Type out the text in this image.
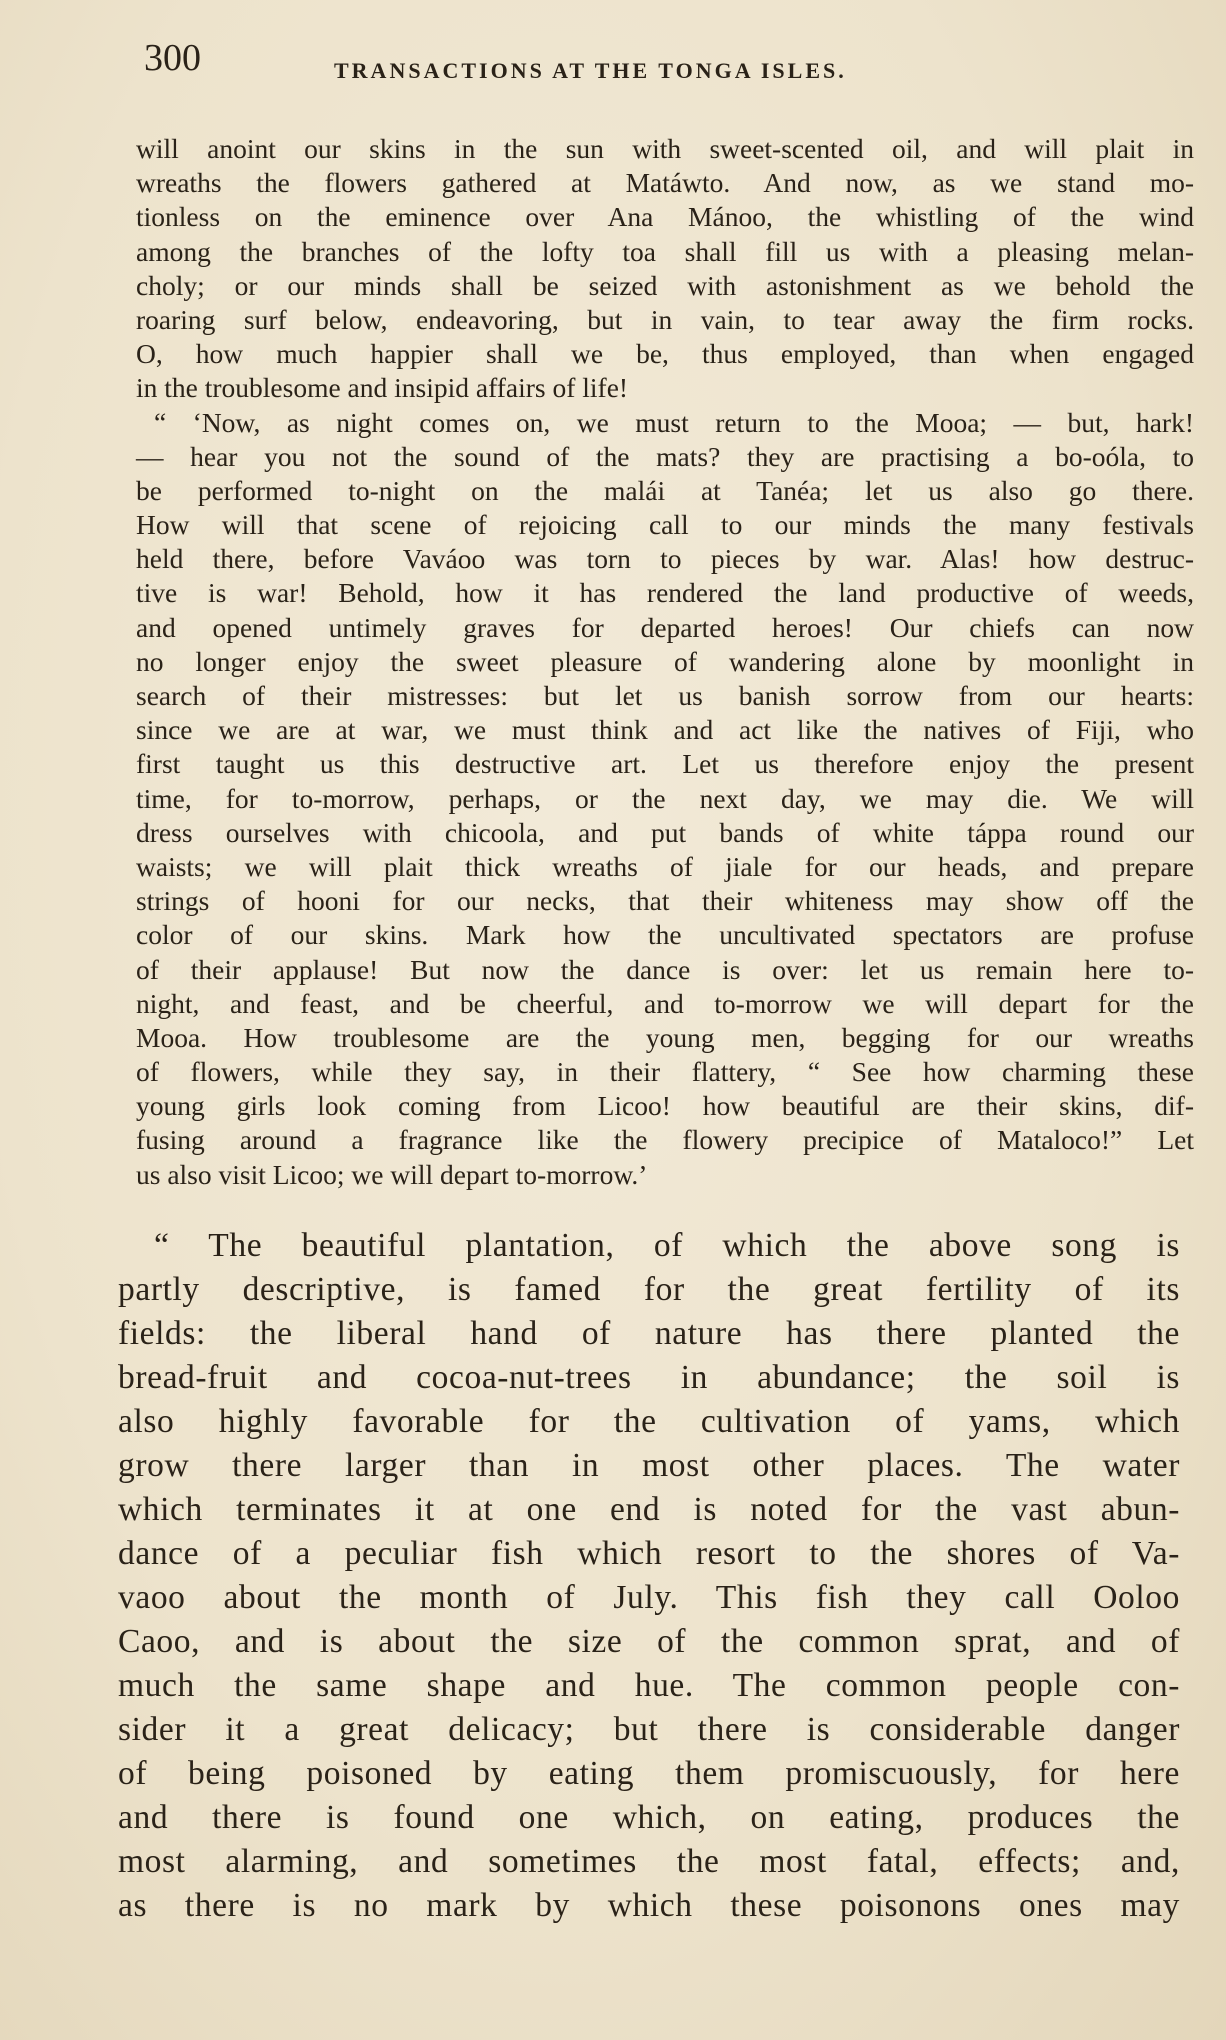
300	TRANSACTIONS AT THE TONGA ISLES.
will anoint our skins in the sun with sweet-scented oil, and will plait in
wreaths the flowers gathered at Matáwto. And now, as we stand mo-
tionless on the eminence over Ana Mánoo, the whistling of the wind
among the branches of the lofty toa shall fill us with a pleasing melan-
choly; or our minds shall be seized with astonishment as we behold the
roaring surf below, endeavoring, but in vain, to tear away the firm rocks.
O, how much happier shall we be, thus employed, than when engaged
in the troublesome and insipid affairs of life!
“ ‘Now, as night comes on, we must return to the Mooa; — but, hark!
— hear you not the sound of the mats? they are practising a bo-oóla, to
be performed to-night on the malái at Tanéa; let us also go there.
How will that scene of rejoicing call to our minds the many festivals
held there, before Vaváoo was torn to pieces by war. Alas! how destruc-
tive is war! Behold, how it has rendered the land productive of weeds,
and opened untimely graves for departed heroes! Our chiefs can now
no longer enjoy the sweet pleasure of wandering alone by moonlight in
search of their mistresses: but let us banish sorrow from our hearts:
since we are at war, we must think and act like the natives of Fiji, who
first taught us this destructive art. Let us therefore enjoy the present
time, for to-morrow, perhaps, or the next day, we may die. We will
dress ourselves with chicoola, and put bands of white táppa round our
waists; we will plait thick wreaths of jiale for our heads, and prepare
strings of hooni for our necks, that their whiteness may show off the
color of our skins. Mark how the uncultivated spectators are profuse
of their applause! But now the dance is over: let us remain here to-
night, and feast, and be cheerful, and to-morrow we will depart for the
Mooa. How troublesome are the young men, begging for our wreaths
of flowers, while they say, in their flattery, “ See how charming these
young girls look coming from Licoo! how beautiful are their skins, dif-
fusing around a fragrance like the flowery precipice of Mataloco!” Let
us also visit Licoo; we will depart to-morrow.’
“ The beautiful plantation, of which the above song is
partly descriptive, is famed for the great fertility of its
fields: the liberal hand of nature has there planted the
bread-fruit and cocoa-nut-trees in abundance; the soil is
also highly favorable for the cultivation of yams, which
grow there larger than in most other places. The water
which terminates it at one end is noted for the vast abun-
dance of a peculiar fish which resort to the shores of Va-
vaoo about the month of July. This fish they call Ooloo
Caoo, and is about the size of the common sprat, and of
much the same shape and hue. The common people con-
sider it a great delicacy; but there is considerable danger
of being poisoned by eating them promiscuously, for here
and there is found one which, on eating, produces the
most alarming, and sometimes the most fatal, effects; and,
as there is no mark by which these poisonons ones may
